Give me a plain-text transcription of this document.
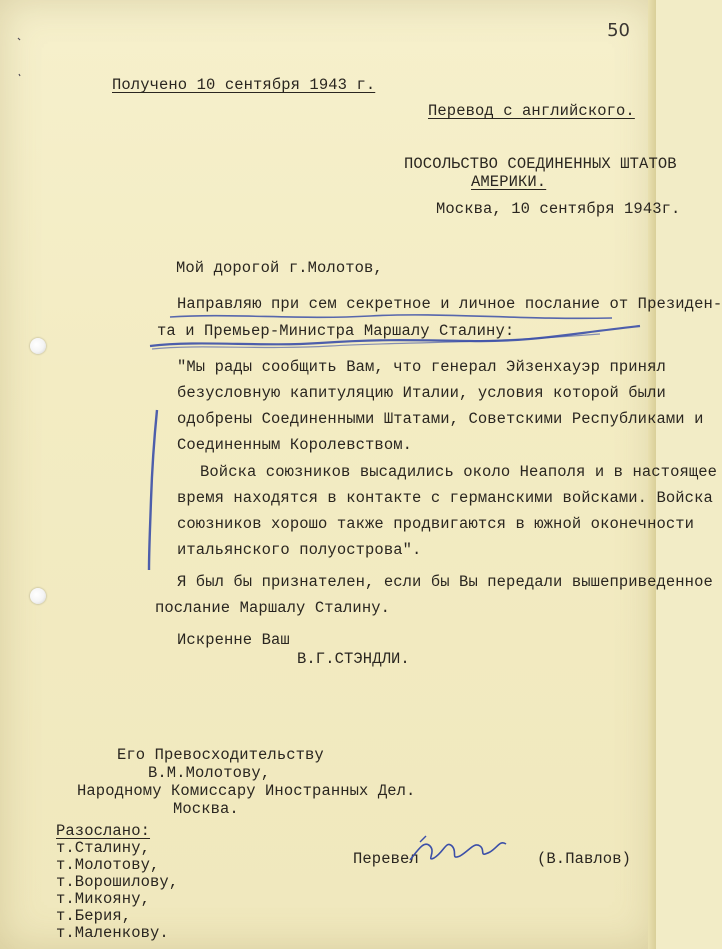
50
Получено 10 сентября 1943 г.
Перевод с английского.
ПОСОЛЬСТВО СОЕДИНЕННЫХ ШТАТОВ
АМЕРИКИ.
Москва, 10 сентября 1943г.
Мой дорогой г.Молотов,
Направляю при сем секретное и личное послание от Президен-
та и Премьер-Министра Маршалу Сталину:
"Мы рады сообщить Вам, что генерал Эйзенхауэр принял
безусловную капитуляцию Италии, условия которой были
одобрены Соединенными Штатами, Советскими Республиками и
Соединенным Королевством.
Войска союзников высадились около Неаполя и в настоящее
время находятся в контакте с германскими войсками. Войска
союзников хорошо также продвигаются в южной оконечности
итальянского полуострова".
Я был бы признателен, если бы Вы передали вышеприведенное
послание Маршалу Сталину.
Искренне Ваш
В.Г.СТЭНДЛИ.
Его Превосходительству
В.М.Молотову,
Народному Комиссару Иностранных Дел.
Москва.
Разослано:
т.Сталину,
т.Молотову,
т.Ворошилову,
т.Микояну,
т.Берия,
т.Маленкову.
Перевел	(В.Павлов)
